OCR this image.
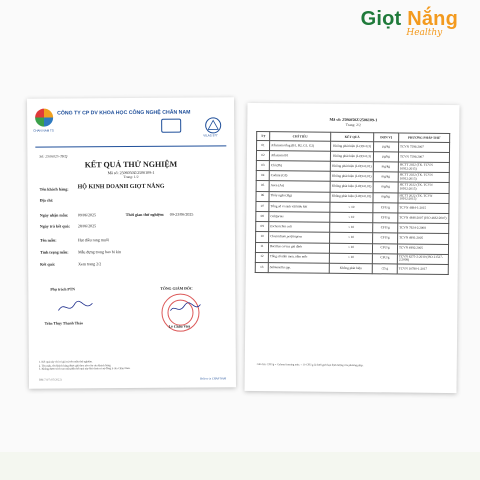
Giọt Nắng
Healthy
CHAN NAM TS
CÔNG TY CP DV KHOA HỌC CÔNG NGHỆ CHÂN NAM
VILAS 977
Số: 2506025-TKQ
KẾT QUẢ THỬ NGHIỆM
Mã số: 2506050Z/2506109-1
Trang: 1/2
Tên khách hàng: HỘ KINH DOANH GIỌT NẮNG
Địa chỉ:
Ngày nhận mẫu: 09/06/2025	Thời gian thử nghiệm: 09-23/06/2025
Ngày trả kết quả: 28/06/2025
Tên mẫu:	Hạt điều rang muối
Tình trạng mẫu: Mẫu đựng trong bao bì kín
Kết quả:	Xem trang 2/2
Phụ trách PTN
Trần Thụy Thanh Thảo
TỔNG GIÁM ĐỐC
Lê Châu Việt
1. Kết quả này chỉ có giá trị trên mẫu thử nghiệm.
2. Tên mẫu, tên khách hàng được ghi theo yêu cầu của khách hàng.
3. Không được trích sao một phần kết quả này khi chưa có sự đồng ý của Chân Nam.
BM-7.8/7 (05/2022)	Believe in CHAN NAM
Mã số: 2506050Z/2506109-1
Trang: 2/2
TT	CHỈ TIÊU	KẾT QUẢ	ĐƠN VỊ	PHƯƠNG PHÁP THỬ
01	Aflatoxin tổng (B1, B2, G1, G2)	Không phát hiện (LOD=0,3)	µg/kg	TCVN 7596:2007
02	Aflatoxin B1	Không phát hiện (LOD=0,3)	µg/kg	TCVN 7596:2007
03	Chì (Pb)	Không phát hiện (LOD=0,01)	mg/kg	HCTT 2022 (TK. TCVN 10912:2015)
04	Cadimi (Cd)	Không phát hiện (LOD=0,01)	mg/kg	HCTT 2022 (TK. TCVN 10912:2015)
05	Asen (As)	Không phát hiện (LOD=0,01)	mg/kg	HCTT 2022 (TK. TCVN 10912:2015)
06	Thủy ngân (Hg)	Không phát hiện (LOD=0,01)	mg/kg	HCTT 2022 (TK. TCVN 10912:2015)
07	Tổng số vi sinh vật hiếu khí	< 10	CFU/g	TCVN 4884-1:2015
08	Coliforms	< 10	CFU/g	TCVN 4848:2007 (ISO 4832:2007)
09	Escherichia coli	< 10	CFU/g	TCVN 7924-2:2008
10	Clostridium perfringens	< 10	CFU/g	TCVN 4991:2005
11	Bacillus cereus giả định	< 10	CFU/g	TCVN 4992:2005
12	Tổng số nấm men, nấm mốc	< 10	CFU/g	TCVN 8275-2:2010 (ISO 21527-2:2008)
13	Salmonella spp.	Không phát hiện	/25 g	TCVN 10780-1:2017
Ghi chú: CFU/g = Colony forming unit; < 10 CFU/g là dưới giới hạn định lượng của phương pháp.
